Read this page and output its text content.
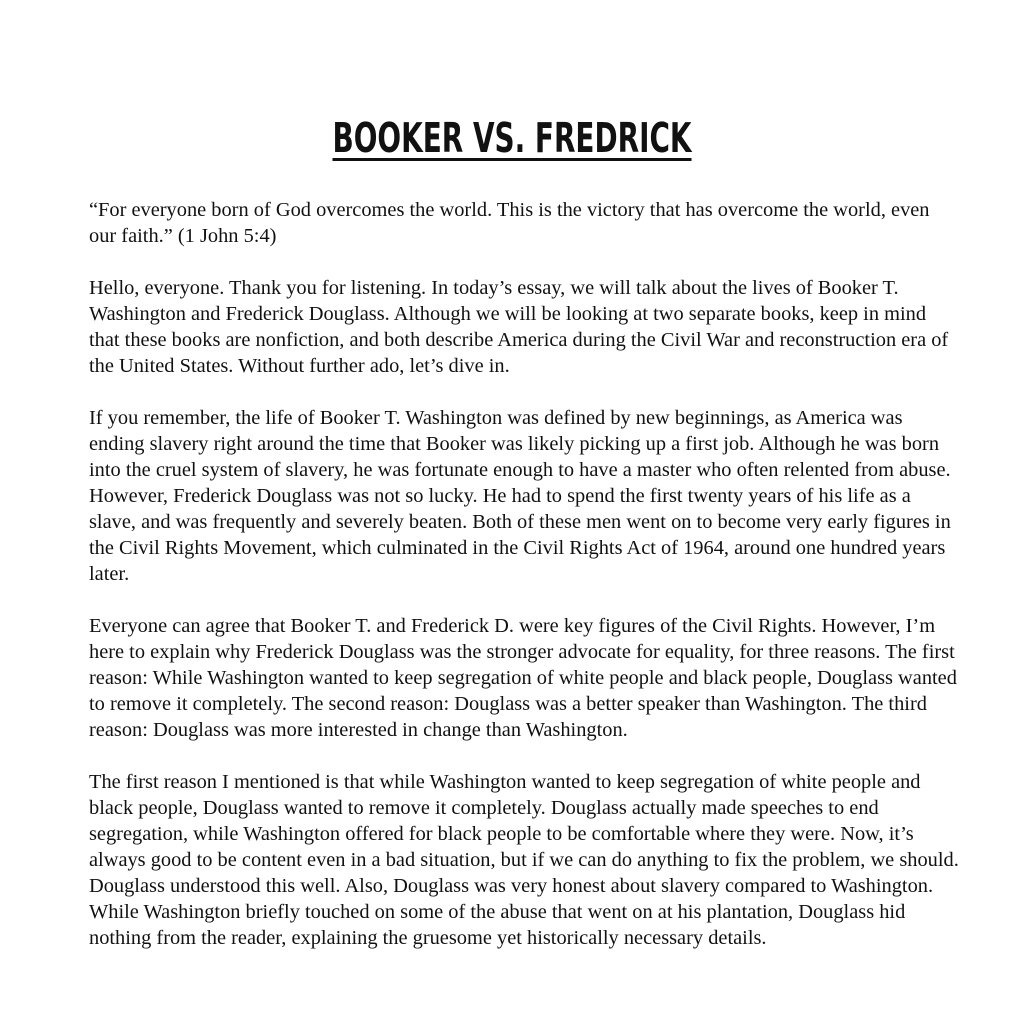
BOOKER VS. FREDRICK

“For everyone born of God overcomes the world. This is the victory that has overcome the world, even our faith.” (1 John 5:4)

Hello, everyone. Thank you for listening. In today’s essay, we will talk about the lives of Booker T. Washington and Frederick Douglass. Although we will be looking at two separate books, keep in mind that these books are nonfiction, and both describe America during the Civil War and reconstruction era of the United States. Without further ado, let’s dive in.

If you remember, the life of Booker T. Washington was defined by new beginnings, as America was ending slavery right around the time that Booker was likely picking up a first job. Although he was born into the cruel system of slavery, he was fortunate enough to have a master who often relented from abuse. However, Frederick Douglass was not so lucky. He had to spend the first twenty years of his life as a slave, and was frequently and severely beaten. Both of these men went on to become very early figures in the Civil Rights Movement, which culminated in the Civil Rights Act of 1964, around one hundred years later.

Everyone can agree that Booker T. and Frederick D. were key figures of the Civil Rights. However, I’m here to explain why Frederick Douglass was the stronger advocate for equality, for three reasons. The first reason: While Washington wanted to keep segregation of white people and black people, Douglass wanted to remove it completely. The second reason: Douglass was a better speaker than Washington. The third reason: Douglass was more interested in change than Washington.

The first reason I mentioned is that while Washington wanted to keep segregation of white people and black people, Douglass wanted to remove it completely. Douglass actually made speeches to end segregation, while Washington offered for black people to be comfortable where they were. Now, it’s always good to be content even in a bad situation, but if we can do anything to fix the problem, we should. Douglass understood this well. Also, Douglass was very honest about slavery compared to Washington. While Washington briefly touched on some of the abuse that went on at his plantation, Douglass hid nothing from the reader, explaining the gruesome yet historically necessary details.
